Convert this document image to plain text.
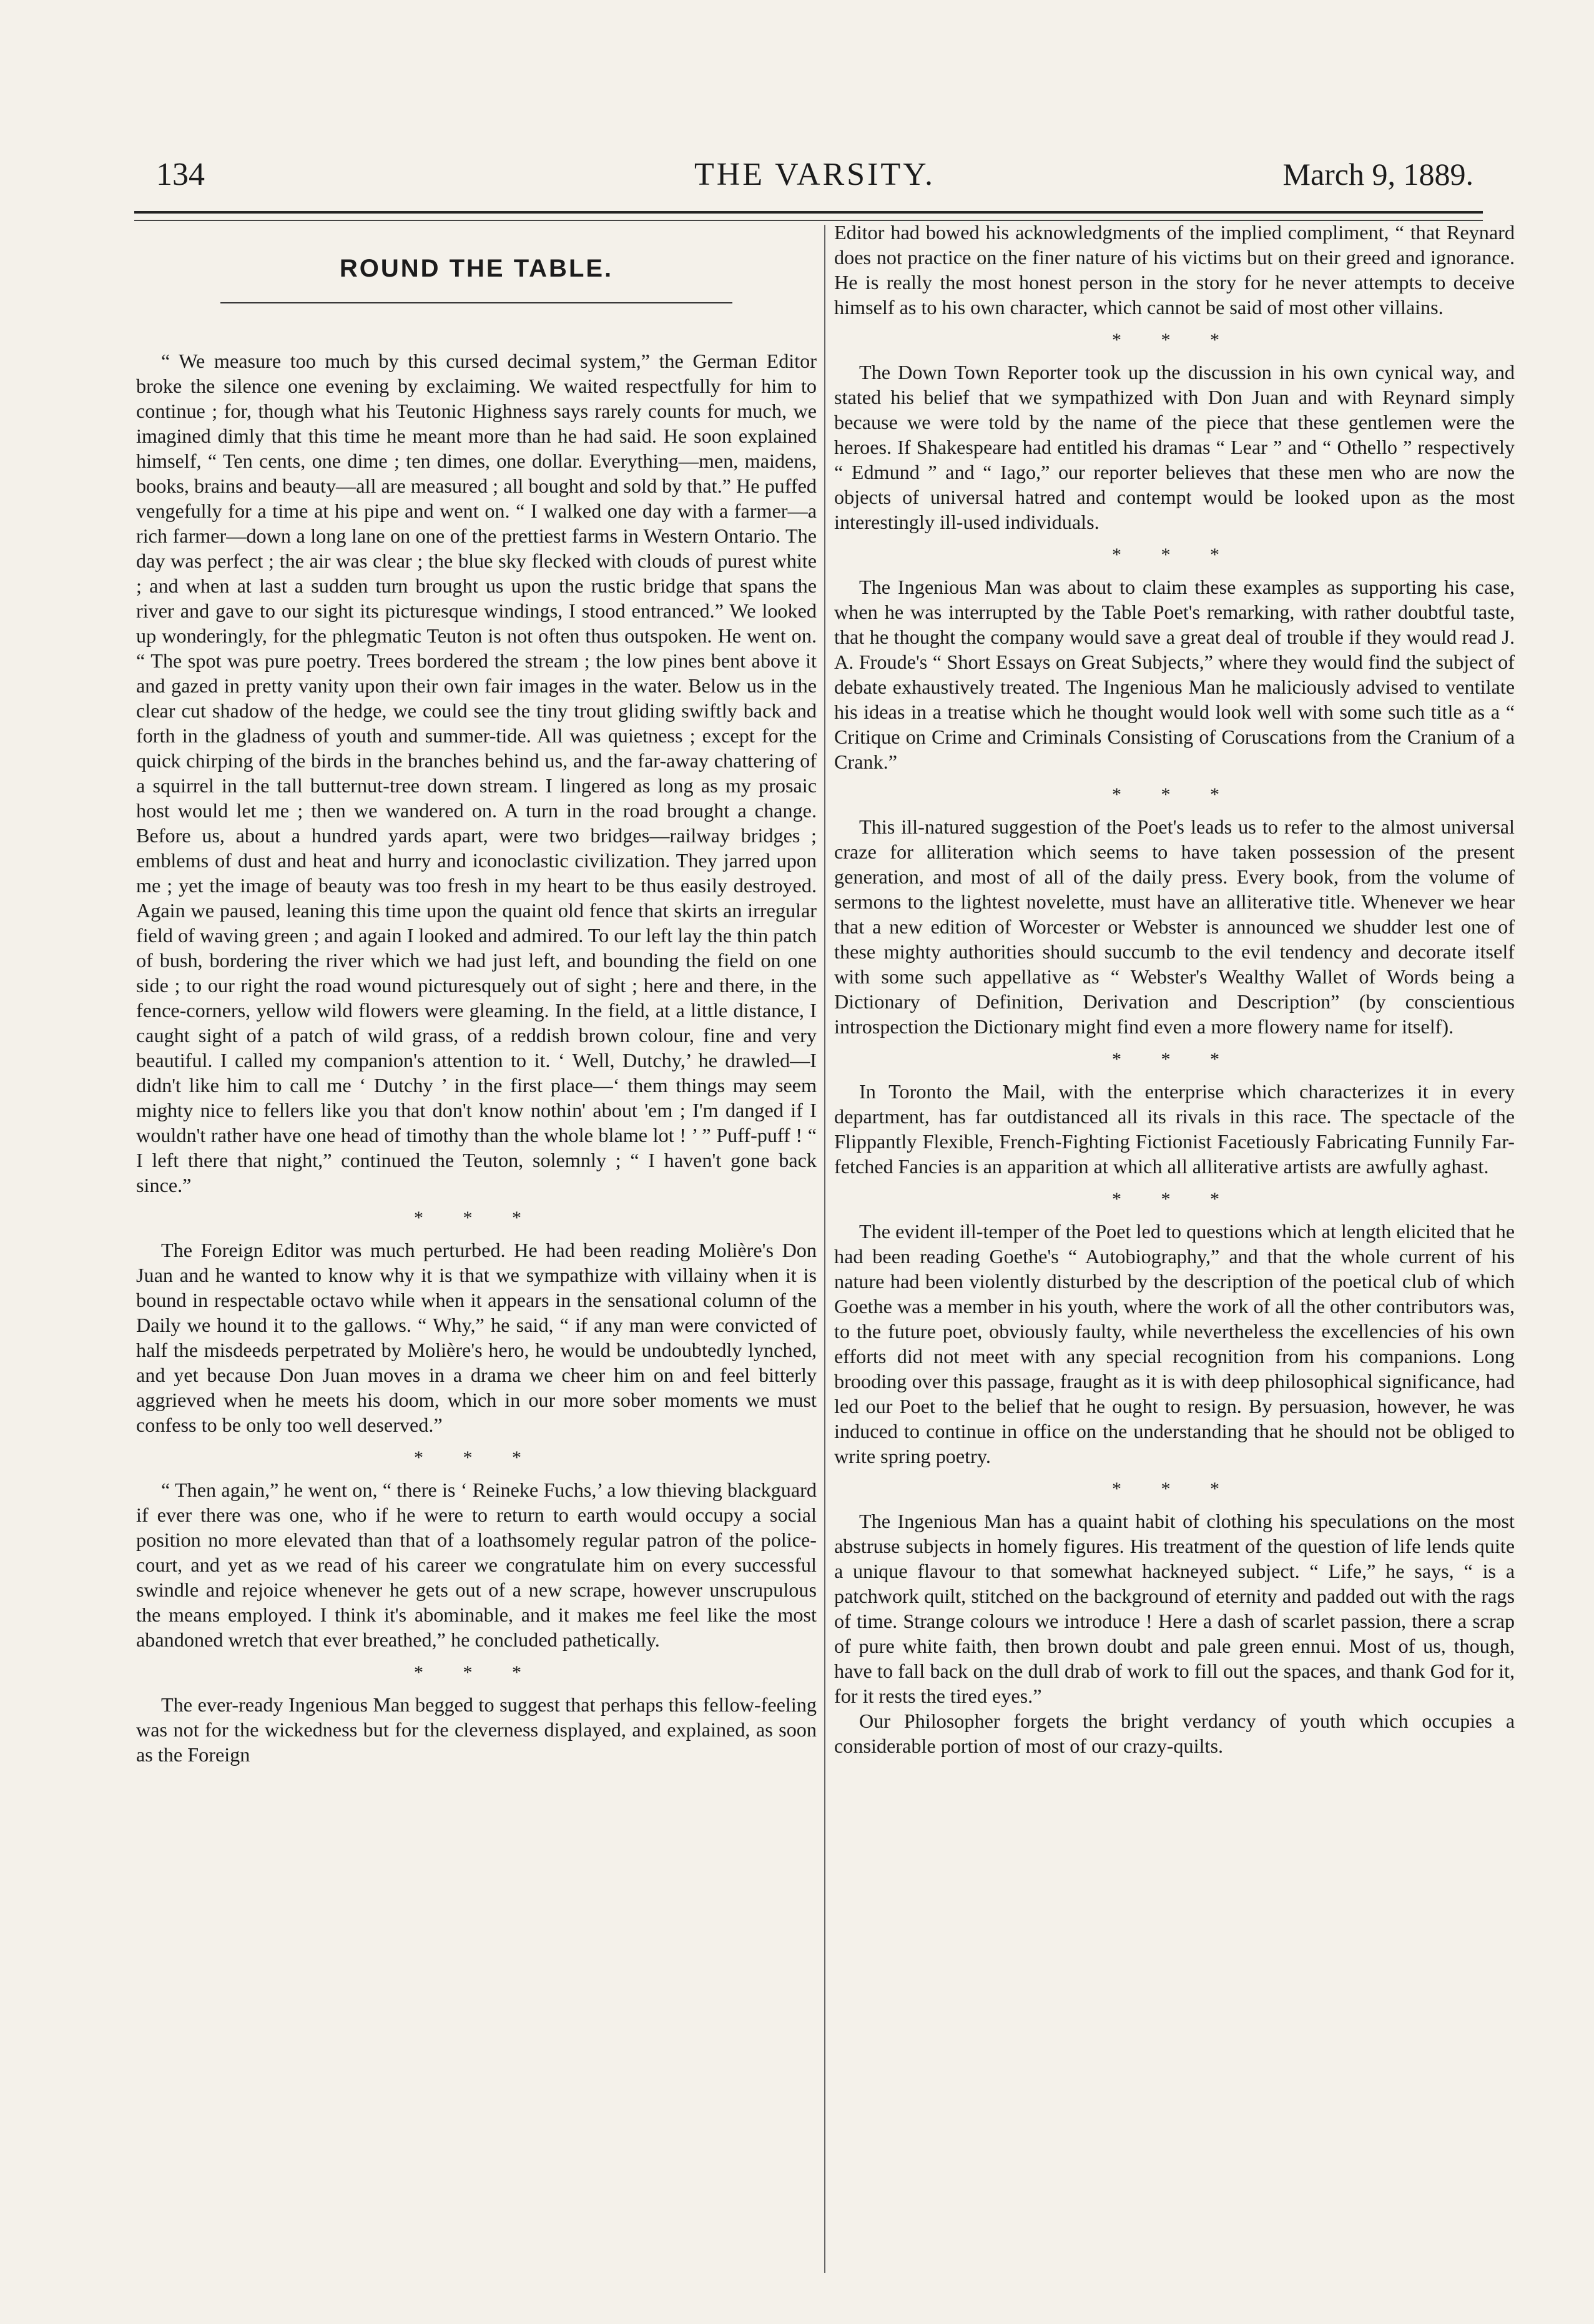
134	THE VARSITY.	March 9, 1889.
ROUND THE TABLE.

“ We measure too much by this cursed decimal system,” the German Editor broke the silence one evening by exclaiming. We waited respectfully for him to continue ; for, though what his Teutonic Highness says rarely counts for much, we imagined dimly that this time he meant more than he had said. He soon explained himself, “ Ten cents, one dime ; ten dimes, one dollar. Everything—men, maidens, books, brains and beauty—all are measured ; all bought and sold by that.” He puffed vengefully for a time at his pipe and went on. “ I walked one day with a farmer—a rich farmer—down a long lane on one of the prettiest farms in Western Ontario. The day was perfect ; the air was clear ; the blue sky flecked with clouds of purest white ; and when at last a sudden turn brought us upon the rustic bridge that spans the river and gave to our sight its picturesque windings, I stood entranced.” We looked up wonderingly, for the phlegmatic Teuton is not often thus outspoken. He went on. “ The spot was pure poetry. Trees bordered the stream ; the low pines bent above it and gazed in pretty vanity upon their own fair images in the water. Below us in the clear cut shadow of the hedge, we could see the tiny trout gliding swiftly back and forth in the gladness of youth and summer-tide. All was quietness ; except for the quick chirping of the birds in the branches behind us, and the far-away chattering of a squirrel in the tall butternut-tree down stream. I lingered as long as my prosaic host would let me ; then we wandered on. A turn in the road brought a change. Before us, about a hundred yards apart, were two bridges—railway bridges ; emblems of dust and heat and hurry and iconoclastic civilization. They jarred upon me ; yet the image of beauty was too fresh in my heart to be thus easily destroyed. Again we paused, leaning this time upon the quaint old fence that skirts an irregular field of waving green ; and again I looked and admired. To our left lay the thin patch of bush, bordering the river which we had just left, and bounding the field on one side ; to our right the road wound picturesquely out of sight ; here and there, in the fence-corners, yellow wild flowers were gleaming. In the field, at a little distance, I caught sight of a patch of wild grass, of a reddish brown colour, fine and very beautiful. I called my companion's attention to it. ‘ Well, Dutchy,’ he drawled—I didn't like him to call me ‘ Dutchy ’ in the first place—‘ them things may seem mighty nice to fellers like you that don't know nothin' about 'em ; I'm danged if I wouldn't rather have one head of timothy than the whole blame lot ! ’ ” Puff-puff ! “ I left there that night,” continued the Teuton, solemnly ; “ I haven't gone back since.”

* * *

The Foreign Editor was much perturbed. He had been reading Molière's Don Juan and he wanted to know why it is that we sympathize with villainy when it is bound in respectable octavo while when it appears in the sensational column of the Daily we hound it to the gallows. “ Why,” he said, “ if any man were convicted of half the misdeeds perpetrated by Molière's hero, he would be undoubtedly lynched, and yet because Don Juan moves in a drama we cheer him on and feel bitterly aggrieved when he meets his doom, which in our more sober moments we must confess to be only too well deserved.”

* * *

“ Then again,” he went on, “ there is ‘ Reineke Fuchs,’ a low thieving blackguard if ever there was one, who if he were to return to earth would occupy a social position no more elevated than that of a loathsomely regular patron of the police-court, and yet as we read of his career we congratulate him on every successful swindle and rejoice whenever he gets out of a new scrape, however unscrupulous the means employed. I think it's abominable, and it makes me feel like the most abandoned wretch that ever breathed,” he concluded pathetically.

* * *

The ever-ready Ingenious Man begged to suggest that perhaps this fellow-feeling was not for the wickedness but for the cleverness displayed, and explained, as soon as the Foreign

Editor had bowed his acknowledgments of the implied compliment, “ that Reynard does not practice on the finer nature of his victims but on their greed and ignorance. He is really the most honest person in the story for he never attempts to deceive himself as to his own character, which cannot be said of most other villains.

* * *

The Down Town Reporter took up the discussion in his own cynical way, and stated his belief that we sympathized with Don Juan and with Reynard simply because we were told by the name of the piece that these gentlemen were the heroes. If Shakespeare had entitled his dramas “ Lear ” and “ Othello ” respectively “ Edmund ” and “ Iago,” our reporter believes that these men who are now the objects of universal hatred and contempt would be looked upon as the most interestingly ill-used individuals.

* * *

The Ingenious Man was about to claim these examples as supporting his case, when he was interrupted by the Table Poet's remarking, with rather doubtful taste, that he thought the company would save a great deal of trouble if they would read J. A. Froude's “ Short Essays on Great Subjects,” where they would find the subject of debate exhaustively treated. The Ingenious Man he maliciously advised to ventilate his ideas in a treatise which he thought would look well with some such title as a “ Critique on Crime and Criminals Consisting of Coruscations from the Cranium of a Crank.”

* * *

This ill-natured suggestion of the Poet's leads us to refer to the almost universal craze for alliteration which seems to have taken possession of the present generation, and most of all of the daily press. Every book, from the volume of sermons to the lightest novelette, must have an alliterative title. Whenever we hear that a new edition of Worcester or Webster is announced we shudder lest one of these mighty authorities should succumb to the evil tendency and decorate itself with some such appellative as “ Webster's Wealthy Wallet of Words being a Dictionary of Definition, Derivation and Description” (by conscientious introspection the Dictionary might find even a more flowery name for itself).

* * *

In Toronto the Mail, with the enterprise which characterizes it in every department, has far outdistanced all its rivals in this race. The spectacle of the Flippantly Flexible, French-Fighting Fictionist Facetiously Fabricating Funnily Far-fetched Fancies is an apparition at which all alliterative artists are awfully aghast.

* * *

The evident ill-temper of the Poet led to questions which at length elicited that he had been reading Goethe's “ Autobiography,” and that the whole current of his nature had been violently disturbed by the description of the poetical club of which Goethe was a member in his youth, where the work of all the other contributors was, to the future poet, obviously faulty, while nevertheless the excellencies of his own efforts did not meet with any special recognition from his companions. Long brooding over this passage, fraught as it is with deep philosophical significance, had led our Poet to the belief that he ought to resign. By persuasion, however, he was induced to continue in office on the understanding that he should not be obliged to write spring poetry.

* * *

The Ingenious Man has a quaint habit of clothing his speculations on the most abstruse subjects in homely figures. His treatment of the question of life lends quite a unique flavour to that somewhat hackneyed subject. “ Life,” he says, “ is a patchwork quilt, stitched on the background of eternity and padded out with the rags of time. Strange colours we introduce ! Here a dash of scarlet passion, there a scrap of pure white faith, then brown doubt and pale green ennui. Most of us, though, have to fall back on the dull drab of work to fill out the spaces, and thank God for it, for it rests the tired eyes.”

Our Philosopher forgets the bright verdancy of youth which occupies a considerable portion of most of our crazy-quilts.
